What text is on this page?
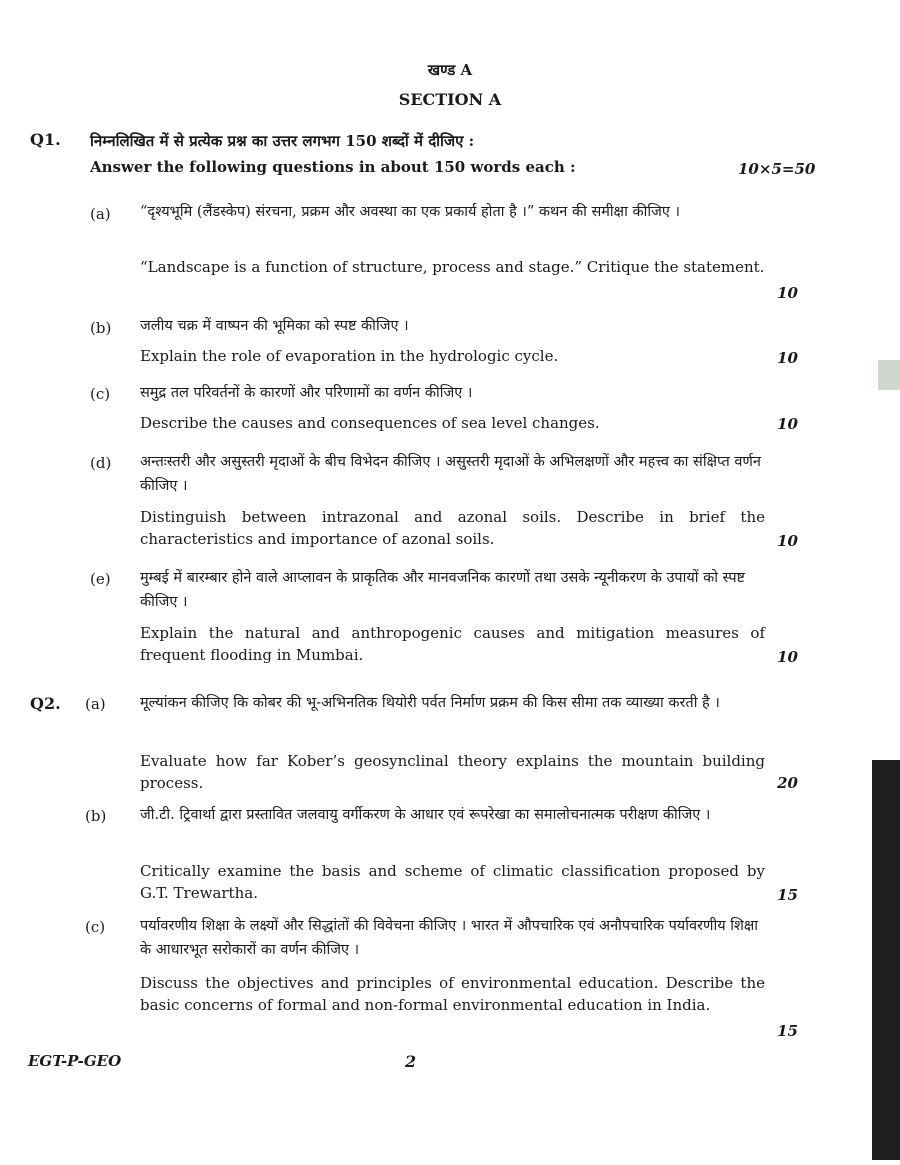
खण्ड A
SECTION A
Q1. निम्नलिखित में से प्रत्येक प्रश्न का उत्तर लगभग 150 शब्दों में दीजिए :
Answer the following questions in about 150 words each :	10×5=50
(a) “दृश्यभूमि (लैंडस्केप) संरचना, प्रक्रम और अवस्था का एक प्रकार्य होता है ।” कथन की समीक्षा कीजिए ।
“Landscape is a function of structure, process and stage.” Critique the statement.
10
(b) जलीय चक्र में वाष्पन की भूमिका को स्पष्ट कीजिए ।
Explain the role of evaporation in the hydrologic cycle.	10
(c) समुद्र तल परिवर्तनों के कारणों और परिणामों का वर्णन कीजिए ।
Describe the causes and consequences of sea level changes.	10
(d) अन्तःस्तरी और असुस्तरी मृदाओं के बीच विभेदन कीजिए । असुस्तरी मृदाओं के अभिलक्षणों और महत्त्व का संक्षिप्त वर्णन कीजिए ।
Distinguish between intrazonal and azonal soils. Describe in brief the characteristics and importance of azonal soils.	10
(e) मुम्बई में बारम्बार होने वाले आप्लावन के प्राकृतिक और मानवजनिक कारणों तथा उसके न्यूनीकरण के उपायों को स्पष्ट कीजिए ।
Explain the natural and anthropogenic causes and mitigation measures of frequent flooding in Mumbai.	10
Q2. (a) मूल्यांकन कीजिए कि कोबर की भू-अभिनतिक थियोरी पर्वत निर्माण प्रक्रम की किस सीमा तक व्याख्या करती है ।
Evaluate how far Kober’s geosynclinal theory explains the mountain building process.	20
(b) जी.टी. ट्रिवार्था द्वारा प्रस्तावित जलवायु वर्गीकरण के आधार एवं रूपरेखा का समालोचनात्मक परीक्षण कीजिए ।
Critically examine the basis and scheme of climatic classification proposed by G.T. Trewartha.	15
(c) पर्यावरणीय शिक्षा के लक्ष्यों और सिद्धांतों की विवेचना कीजिए । भारत में औपचारिक एवं अनौपचारिक पर्यावरणीय शिक्षा के आधारभूत सरोकारों का वर्णन कीजिए ।
Discuss the objectives and principles of environmental education. Describe the basic concerns of formal and non-formal environmental education in India.
15
EGT-P-GEO	2
